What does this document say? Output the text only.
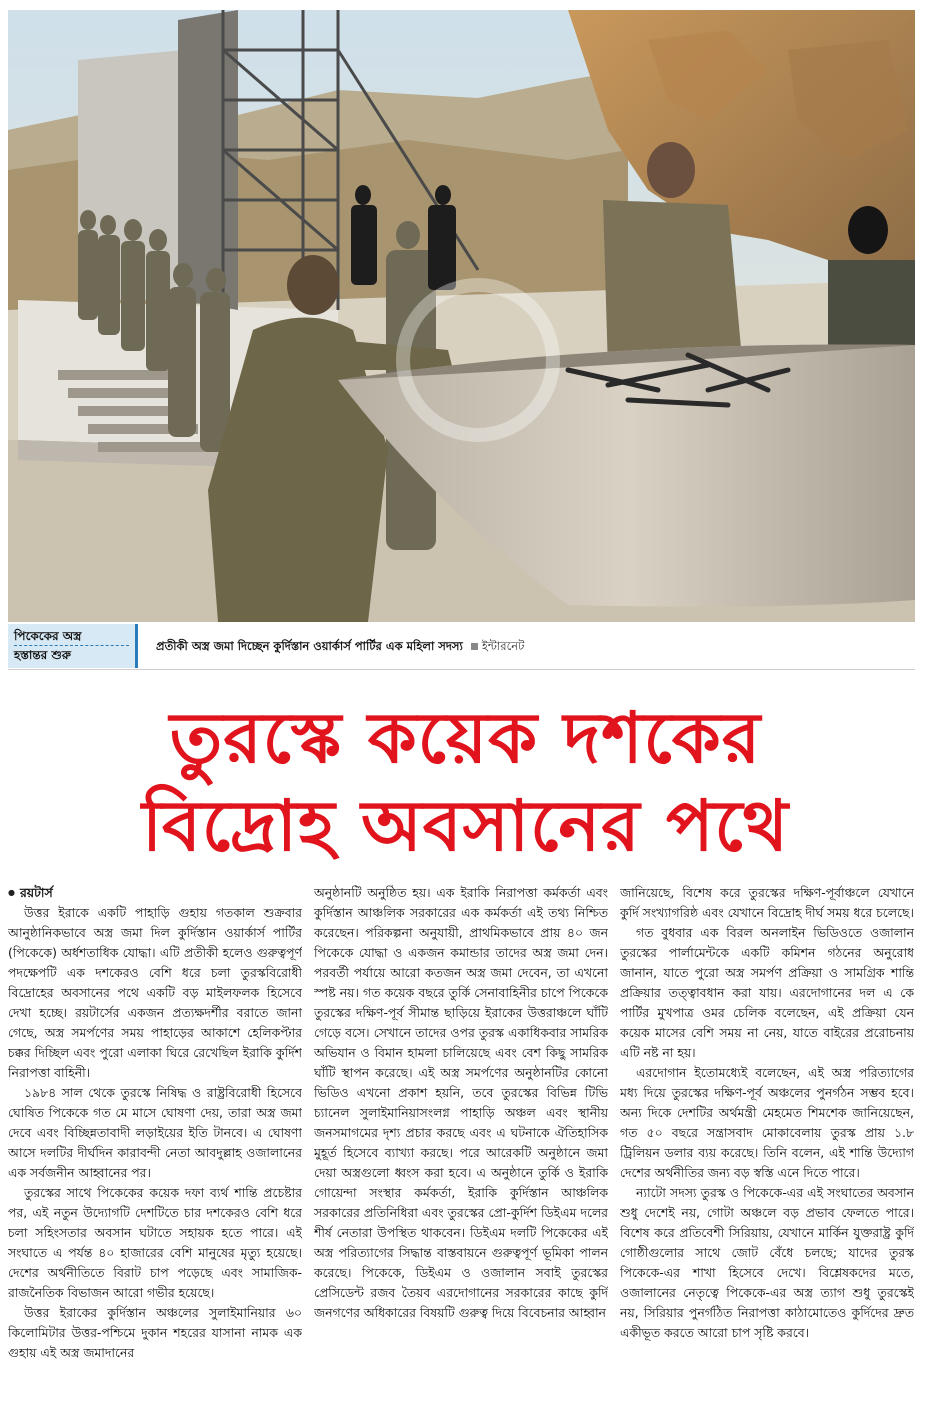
পিকেকের অস্ত্র
হস্তান্তর শুরু
প্রতীকী অস্ত্র জমা দিচ্ছেন কুর্দিস্তান ওয়ার্কার্স পার্টির এক মহিলা সদস্য ইন্টারনেট
তুরস্কে কয়েক দশকের
বিদ্রোহ অবসানের পথে
● রয়টার্স

উত্তর ইরাকে একটি পাহাড়ি গুহায় গতকাল শুক্রবার আনুষ্ঠানিকভাবে অস্ত্র জমা দিল কুর্দিস্তান ওয়ার্কার্স পার্টির (পিকেকে) অর্ধশতাধিক যোদ্ধা। এটি প্রতীকী হলেও গুরুত্বপূর্ণ পদক্ষেপটি এক দশকেরও বেশি ধরে চলা তুরস্কবিরোধী বিদ্রোহের অবসানের পথে একটি বড় মাইলফলক হিসেবে দেখা হচ্ছে। রয়টার্সের একজন প্রত্যক্ষদর্শীর বরাতে জানা গেছে, অস্ত্র সমর্পণের সময় পাহাড়ের আকাশে হেলিকপ্টার চক্কর দিচ্ছিল এবং পুরো এলাকা ঘিরে রেখেছিল ইরাকি কুর্দিশ নিরাপত্তা বাহিনী।

১৯৮৪ সাল থেকে তুরস্কে নিষিদ্ধ ও রাষ্ট্রবিরোধী হিসেবে ঘোষিত পিকেকে গত মে মাসে ঘোষণা দেয়, তারা অস্ত্র জমা দেবে এবং বিচ্ছিন্নতাবাদী লড়াইয়ের ইতি টানবে। এ ঘোষণা আসে দলটির দীর্ঘদিন কারাবন্দী নেতা আবদুল্লাহ ওজালানের এক সর্বজনীন আহ্বানের পর।

তুরস্কের সাথে পিকেকের কয়েক দফা ব্যর্থ শান্তি প্রচেষ্টার পর, এই নতুন উদ্যোগটি দেশটিতে চার দশকেরও বেশি ধরে চলা সহিংসতার অবসান ঘটাতে সহায়ক হতে পারে। এই সংঘাতে এ পর্যন্ত ৪০ হাজারের বেশি মানুষের মৃত্যু হয়েছে। দেশের অর্থনীতিতে বিরাট চাপ পড়েছে এবং সামাজিক-রাজনৈতিক বিভাজন আরো গভীর হয়েছে।

উত্তর ইরাকের কুর্দিস্তান অঞ্চলের সুলাইমানিয়ার ৬০ কিলোমিটার উত্তর-পশ্চিমে দুকান শহরের যাসানা নামক এক গুহায় এই অস্ত্র জমাদানের

অনুষ্ঠানটি অনুষ্ঠিত হয়। এক ইরাকি নিরাপত্তা কর্মকর্তা এবং কুর্দিস্তান আঞ্চলিক সরকারের এক কর্মকর্তা এই তথ্য নিশ্চিত করেছেন। পরিকল্পনা অনুযায়ী, প্রাথমিকভাবে প্রায় ৪০ জন পিকেকে যোদ্ধা ও একজন কমান্ডার তাদের অস্ত্র জমা দেন। পরবর্তী পর্যায়ে আরো কতজন অস্ত্র জমা দেবেন, তা এখনো স্পষ্ট নয়। গত কয়েক বছরে তুর্কি সেনাবাহিনীর চাপে পিকেকে তুরস্কের দক্ষিণ-পূর্ব সীমান্ত ছাড়িয়ে ইরাকের উত্তরাঞ্চলে ঘাঁটি গেড়ে বসে। সেখানে তাদের ওপর তুরস্ক একাধিকবার সামরিক অভিযান ও বিমান হামলা চালিয়েছে এবং বেশ কিছু সামরিক ঘাঁটি স্থাপন করেছে। এই অস্ত্র সমর্পণের অনুষ্ঠানটির কোনো ভিডিও এখনো প্রকাশ হয়নি, তবে তুরস্কের বিভিন্ন টিভি চ্যানেল সুলাইমানিয়াসংলগ্ন পাহাড়ি অঞ্চল এবং স্থানীয় জনসমাগমের দৃশ্য প্রচার করছে এবং এ ঘটনাকে ঐতিহাসিক মুহূর্ত হিসেবে ব্যাখ্যা করছে। পরে আরেকটি অনুষ্ঠানে জমা দেয়া অস্ত্রগুলো ধ্বংস করা হবে। এ অনুষ্ঠানে তুর্কি ও ইরাকি গোয়েন্দা সংস্থার কর্মকর্তা, ইরাকি কুর্দিস্তান আঞ্চলিক সরকারের প্রতিনিধিরা এবং তুরস্কের প্রো-কুর্দিশ ডিইএম দলের শীর্ষ নেতারা উপস্থিত থাকবেন। ডিইএম দলটি পিকেকের এই অস্ত্র পরিত্যাগের সিদ্ধান্ত বাস্তবায়নে গুরুত্বপূর্ণ ভূমিকা পালন করেছে। পিকেকে, ডিইএম ও ওজালান সবাই তুরস্কের প্রেসিডেন্ট রজব তৈয়ব এরদোগানের সরকারের কাছে কুর্দি জনগণের অধিকারের বিষয়টি গুরুত্ব দিয়ে বিবেচনার আহ্বান

জানিয়েছে, বিশেষ করে তুরস্কের দক্ষিণ-পূর্বাঞ্চলে যেখানে কুর্দি সংখ্যাগরিষ্ঠ এবং যেখানে বিদ্রোহ দীর্ঘ সময় ধরে চলেছে।

গত বুধবার এক বিরল অনলাইন ভিডিওতে ওজালান তুরস্কের পার্লামেন্টকে একটি কমিশন গঠনের অনুরোধ জানান, যাতে পুরো অস্ত্র সমর্পণ প্রক্রিয়া ও সামগ্রিক শান্তি প্রক্রিয়ার তত্ত্বাবধান করা যায়। এরদোগানের দল এ কে পার্টির মুখপাত্র ওমর চেলিক বলেছেন, এই প্রক্রিয়া যেন কয়েক মাসের বেশি সময় না নেয়, যাতে বাইরের প্ররোচনায় এটি নষ্ট না হয়।

এরদোগান ইতোমধ্যেই বলেছেন, এই অস্ত্র পরিত্যাগের মধ্য দিয়ে তুরস্কের দক্ষিণ-পূর্ব অঞ্চলের পুনর্গঠন সম্ভব হবে। অন্য দিকে দেশটির অর্থমন্ত্রী মেহমেত শিমশেক জানিয়েছেন, গত ৫০ বছরে সন্ত্রাসবাদ মোকাবেলায় তুরস্ক প্রায় ১.৮ ট্রিলিয়ন ডলার ব্যয় করেছে। তিনি বলেন, এই শান্তি উদ্যোগ দেশের অর্থনীতির জন্য বড় স্বস্তি এনে দিতে পারে।

ন্যাটো সদস্য তুরস্ক ও পিকেকে-এর এই সংঘাতের অবসান শুধু দেশেই নয়, গোটা অঞ্চলে বড় প্রভাব ফেলতে পারে। বিশেষ করে প্রতিবেশী সিরিয়ায়, যেখানে মার্কিন যুক্তরাষ্ট্র কুর্দি গোষ্ঠীগুলোর সাথে জোট বেঁধে চলছে; যাদের তুরস্ক পিকেকে-এর শাখা হিসেবে দেখে। বিশ্লেষকদের মতে, ওজালানের নেতৃত্বে পিকেকে-এর অস্ত্র ত্যাগ শুধু তুরস্কেই নয়, সিরিয়ার পুনর্গঠিত নিরাপত্তা কাঠামোতেও কুর্দিদের দ্রুত একীভূত করতে আরো চাপ সৃষ্টি করবে।
